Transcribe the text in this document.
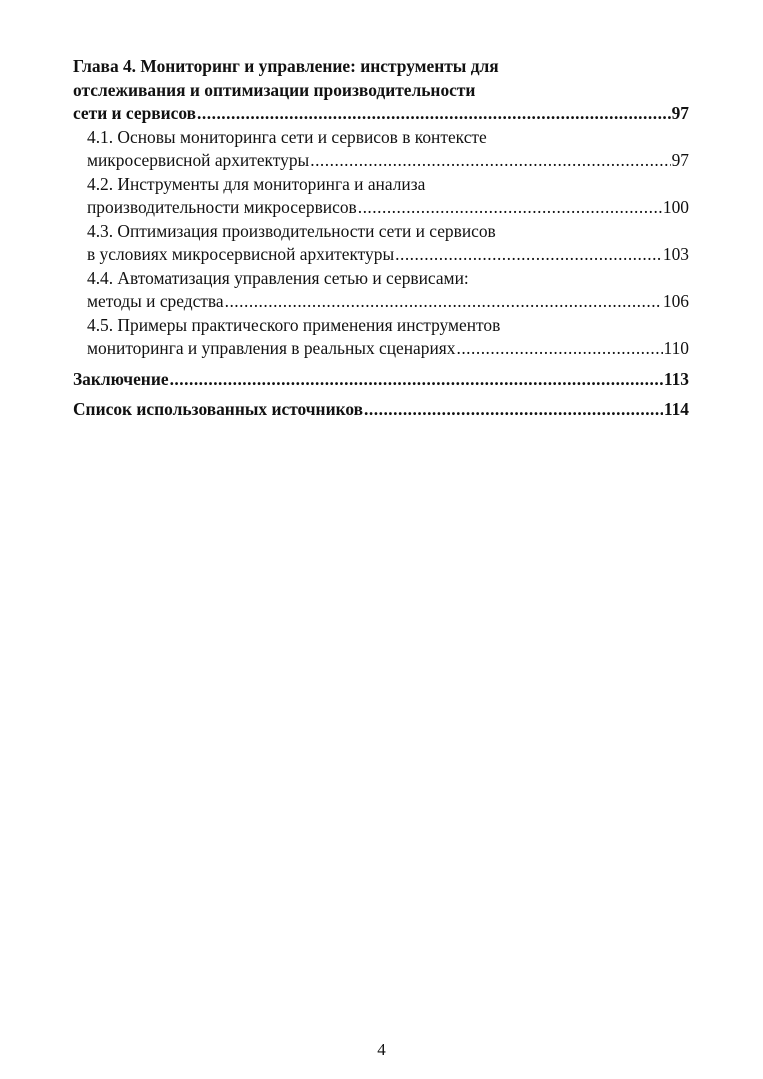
Глава 4. Мониторинг и управление: инструменты для
отслеживания и оптимизации производительности
сети и сервисов .....	97
4.1. Основы мониторинга сети и сервисов в контексте
микросервисной архитектуры .....	97
4.2. Инструменты для мониторинга и анализа
производительности микросервисов .....	100
4.3. Оптимизация производительности сети и сервисов
в условиях микросервисной архитектуры .....	103
4.4. Автоматизация управления сетью и сервисами:
методы и средства .....	106
4.5. Примеры практического применения инструментов
мониторинга и управления в реальных сценариях .....	110
Заключение .....	113
Список использованных источников .....	114
4
